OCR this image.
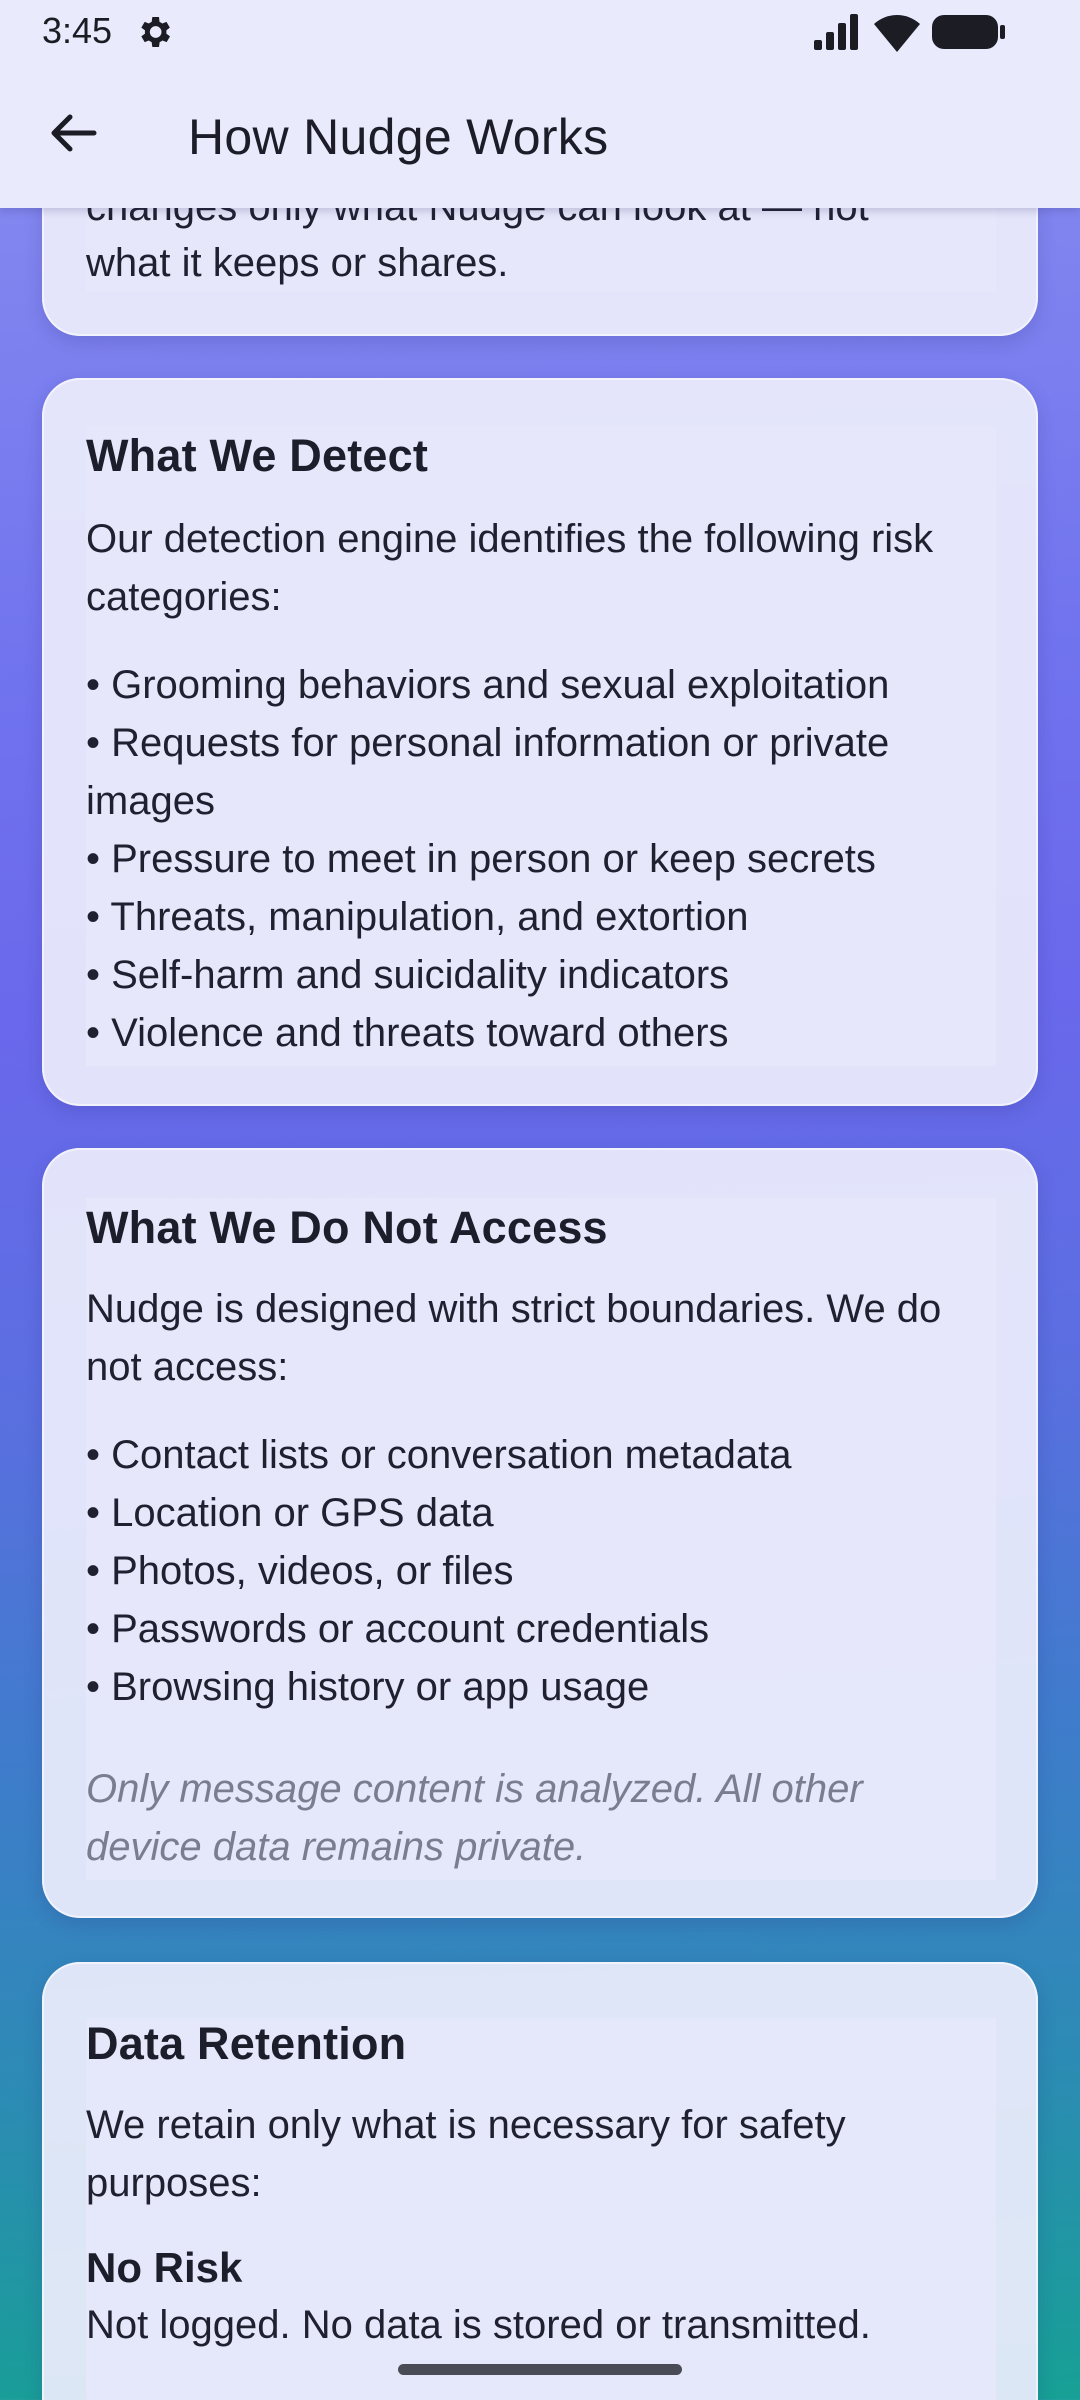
what it keeps or shares.
What We Detect
Our detection engine identifies the following risk categories:
• Grooming behaviors and sexual exploitation
• Requests for personal information or private images
• Pressure to meet in person or keep secrets
• Threats, manipulation, and extortion
• Self-harm and suicidality indicators
• Violence and threats toward others
What We Do Not Access
Nudge is designed with strict boundaries. We do not access:
• Contact lists or conversation metadata
• Location or GPS data
• Photos, videos, or files
• Passwords or account credentials
• Browsing history or app usage
Only message content is analyzed. All other device data remains private.
Data Retention
We retain only what is necessary for safety purposes:
No Risk
Not logged. No data is stored or transmitted.
3:45
How Nudge Works
